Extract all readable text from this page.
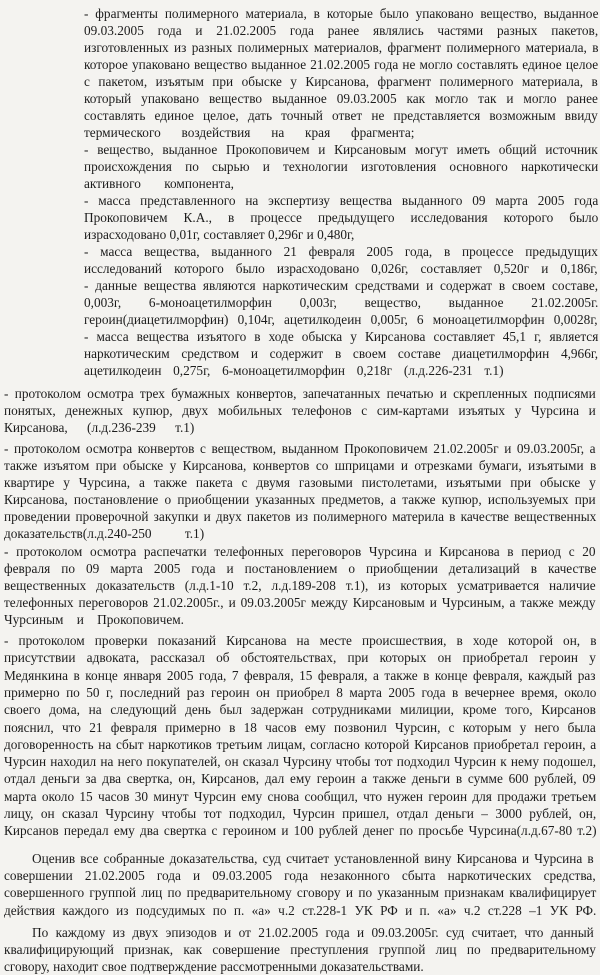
- фрагменты полимерного материала, в которые было упаковано вещество, выданное
09.03.2005 года и 21.02.2005 года ранее являлись частями разных пакетов,
изготовленных из разных полимерных материалов, фрагмент полимерного материала, в
которое упаковано вещество выданное 21.02.2005 года не могло составлять единое целое
с пакетом, изъятым при обыске у Кирсанова, фрагмент полимерного материала, в
который упаковано вещество выданное 09.03.2005 как могло так и могло ранее
составлять единое целое, дать точный ответ не представляется возможным ввиду
термического воздействия на края фрагмента;
- вещество, выданное Прокоповичем и Кирсановым могут иметь общий источник
происхождения по сырью и технологии изготовления основного наркотически
активного компонента,
- масса представленного на экспертизу вещества выданного 09 марта 2005 года
Прокоповичем К.А., в процессе предыдущего исследования которого было
израсходовано 0,01г, составляет 0,296г и 0,480г,
- масса вещества, выданного 21 февраля 2005 года, в процессе предыдущих
исследований которого было израсходовано 0,026г, составляет 0,520г и 0,186г,
- данные вещества являются наркотическим средствами и содержат в своем составе,
0,003г, 6-моноацетилморфин 0,003г, вещество, выданное 21.02.2005г.
героин(диацетилморфин) 0,104г, ацетилкодеин 0,005г, 6 моноацетилморфин 0,0028г,
- масса вещества изъятого в ходе обыска у Кирсанова составляет 45,1 г, является
наркотическим средством и содержит в своем составе диацетилморфин 4,966г,
ацетилкодеин 0,275г, 6-моноацетилморфин 0,218г (л.д.226-231 т.1)
- протоколом осмотра трех бумажных конвертов, запечатанных печатью и скрепленных подписями
понятых, денежных купюр, двух мобильных телефонов с сим-картами изъятых у Чурсина и
Кирсанова, (л.д.236-239 т.1)
- протоколом осмотра конвертов с веществом, выданном Прокоповичем 21.02.2005г и 09.03.2005г, а
также изъятом при обыске у Кирсанова, конвертов со шприцами и отрезками бумаги, изъятыми в
квартире у Чурсина, а также пакета с двумя газовыми пистолетами, изъятыми при обыске у
Кирсанова, постановление о приобщении указанных предметов, а также купюр, используемых при
проведении проверочной закупки и двух пакетов из полимерного материла в качестве вещественных
доказательств(л.д.240-250 т.1)
- протоколом осмотра распечатки телефонных переговоров Чурсина и Кирсанова в период с 20
февраля по 09 марта 2005 года и постановлением о приобщении детализаций в качестве
вещественных доказательств (л.д.1-10 т.2, л.д.189-208 т.1), из которых усматривается наличие
телефонных переговоров 21.02.2005г., и 09.03.2005г между Кирсановым и Чурсиным, а также между
Чурсиным и Прокоповичем.
- протоколом проверки показаний Кирсанова на месте происшествия, в ходе которой он, в
присутствии адвоката, рассказал об обстоятельствах, при которых он приобретал героин у
Медянкина в конце января 2005 года, 7 февраля, 15 февраля, а также в конце февраля, каждый раз
примерно по 50 г, последний раз героин он приобрел 8 марта 2005 года в вечернее время, около
своего дома, на следующий день был задержан сотрудниками милиции, кроме того, Кирсанов
пояснил, что 21 февраля примерно в 18 часов ему позвонил Чурсин, с которым у него была
договоренность на сбыт наркотиков третьим лицам, согласно которой Кирсанов приобретал героин, а
Чурсин находил на него покупателей, он сказал Чурсину чтобы тот подходил Чурсин к нему подошел,
отдал деньги за два свертка, он, Кирсанов, дал ему героин а также деньги в сумме 600 рублей, 09
марта около 15 часов 30 минут Чурсин ему снова сообщил, что нужен героин для продажи третьем
лицу, он сказал Чурсину чтобы тот подходил, Чурсин пришел, отдал деньги – 3000 рублей, он,
Кирсанов передал ему два свертка с героином и 100 рублей денег по просьбе Чурсина(л.д.67-80 т.2)
Оценив все собранные доказательства, суд считает установленной вину Кирсанова и Чурсина в
совершении 21.02.2005 года и 09.03.2005 года незаконного сбыта наркотических средства,
совершенного группой лиц по предварительному сговору и по указанным признакам квалифицирует
действия каждого из подсудимых по п. «а» ч.2 ст.228-1 УК РФ и п. «а» ч.2 ст.228 –1 УК РФ.
По каждому из двух эпизодов и от 21.02.2005 года и 09.03.2005г. суд считает, что данный
квалифицирующий признак, как совершение преступления группой лиц по предварительному
сговору, находит свое подтверждение рассмотренными доказательствами.
